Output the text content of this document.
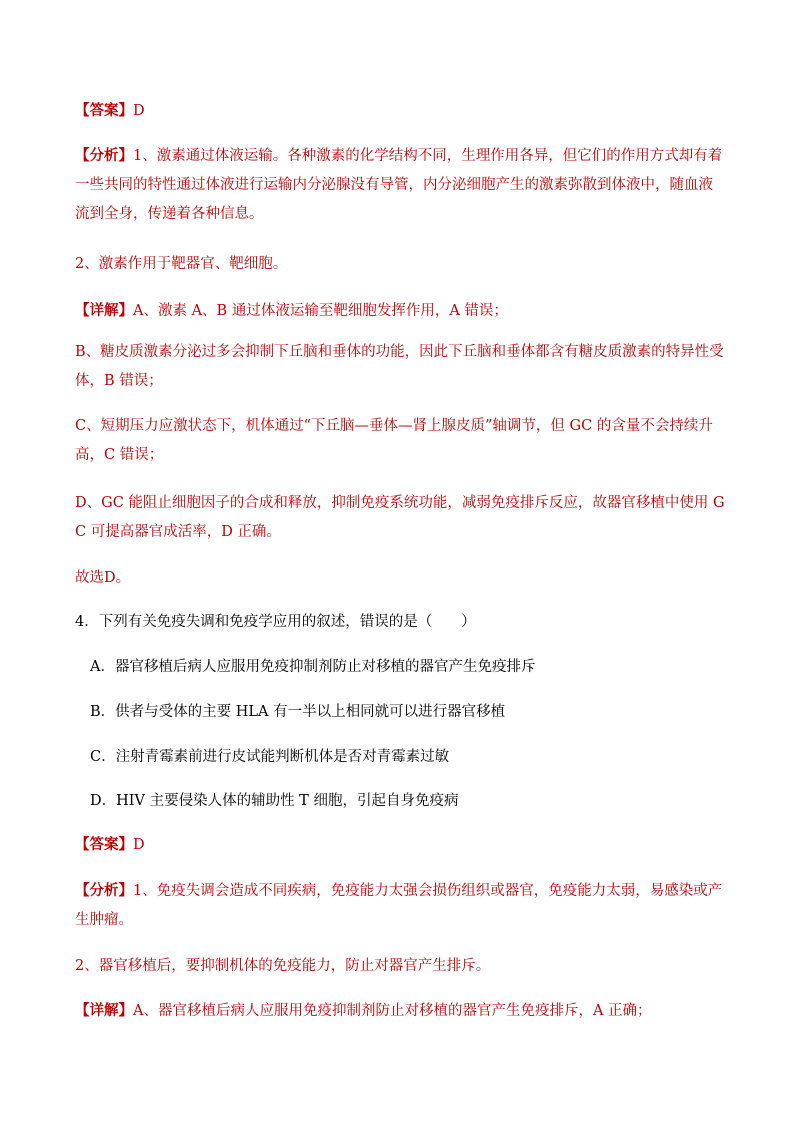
【答案】D

【分析】1、激素通过体液运输。各种激素的化学结构不同，生理作用各异，但它们的作用方式却有着一些共同的特性通过体液进行运输内分泌腺没有导管，内分泌细胞产生的激素弥散到体液中，随血液流到全身，传递着各种信息。

2、激素作用于靶器官、靶细胞。

【详解】A、激素 A、B 通过体液运输至靶细胞发挥作用，A 错误；

B、糖皮质激素分泌过多会抑制下丘脑和垂体的功能，因此下丘脑和垂体都含有糖皮质激素的特异性受体，B 错误；

C、短期压力应激状态下，机体通过“下丘脑—垂体—肾上腺皮质”轴调节，但 GC 的含量不会持续升高，C 错误；

D、GC 能阻止细胞因子的合成和释放，抑制免疫系统功能，减弱免疫排斥反应，故器官移植中使用 GC 可提高器官成活率，D 正确。

故选D。

4．下列有关免疫失调和免疫学应用的叙述，错误的是（　　）

A．器官移植后病人应服用免疫抑制剂防止对移植的器官产生免疫排斥

B．供者与受体的主要 HLA 有一半以上相同就可以进行器官移植

C．注射青霉素前进行皮试能判断机体是否对青霉素过敏

D．HIV 主要侵染人体的辅助性 T 细胞，引起自身免疫病

【答案】D

【分析】1、免疫失调会造成不同疾病，免疫能力太强会损伤组织或器官，免疫能力太弱，易感染或产生肿瘤。

2、器官移植后，要抑制机体的免疫能力，防止对器官产生排斥。

【详解】A、器官移植后病人应服用免疫抑制剂防止对移植的器官产生免疫排斥，A 正确；
